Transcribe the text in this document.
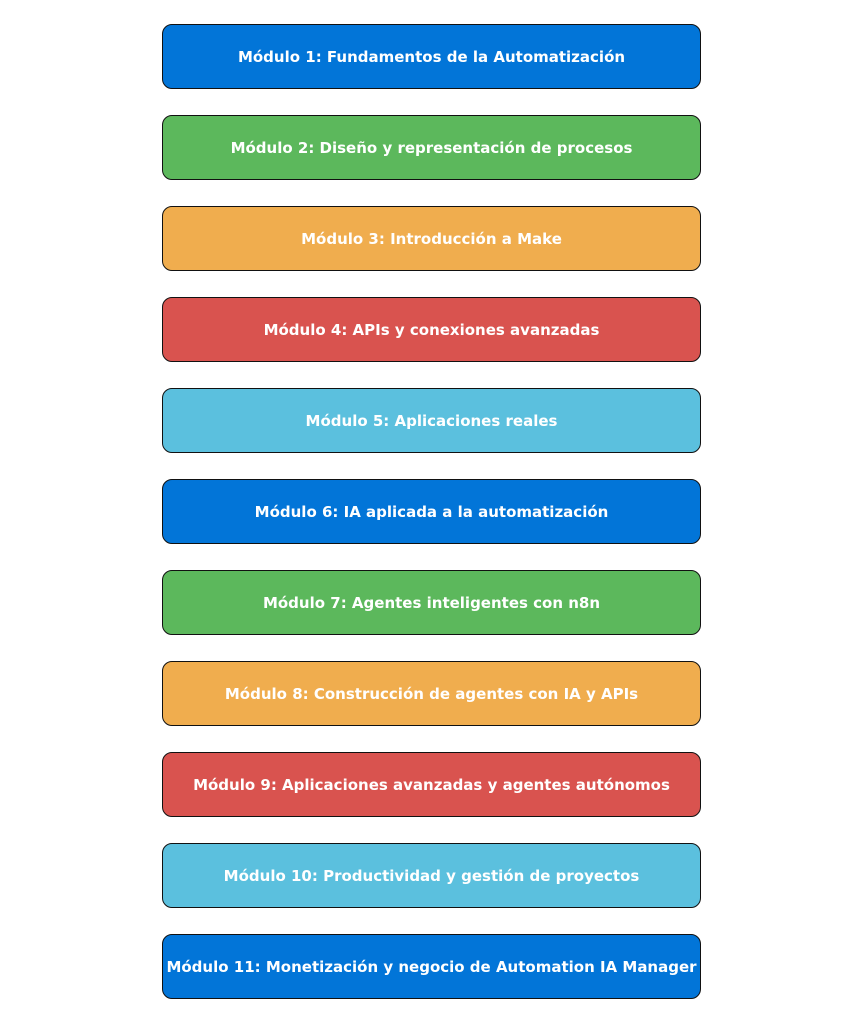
Módulo 1: Fundamentos de la Automatización
Módulo 2: Diseño y representación de procesos
Módulo 3: Introducción a Make
Módulo 4: APIs y conexiones avanzadas
Módulo 5: Aplicaciones reales
Módulo 6: IA aplicada a la automatización
Módulo 7: Agentes inteligentes con n8n
Módulo 8: Construcción de agentes con IA y APIs
Módulo 9: Aplicaciones avanzadas y agentes autónomos
Módulo 10: Productividad y gestión de proyectos
Módulo 11: Monetización y negocio de Automation IA Manager
